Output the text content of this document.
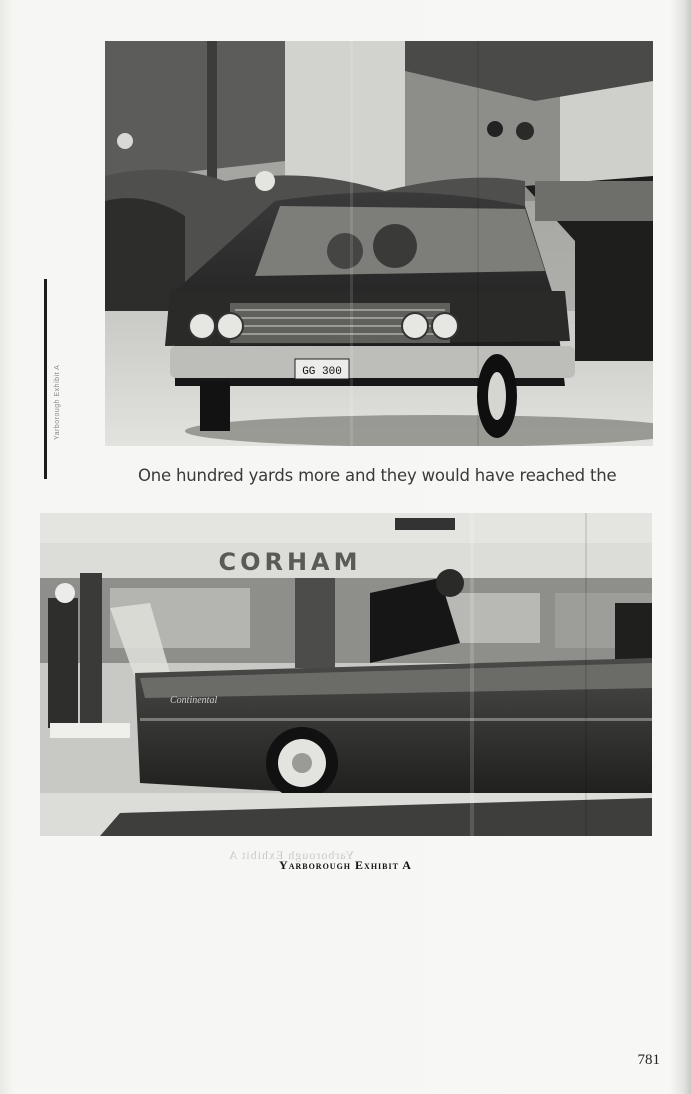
Yarborough Exhibit A	GG 300
One hundred yards more and they would have reached the
CORHAM
Continental
Yarborough Exhibit A
Yarborough Exhibit A
781
